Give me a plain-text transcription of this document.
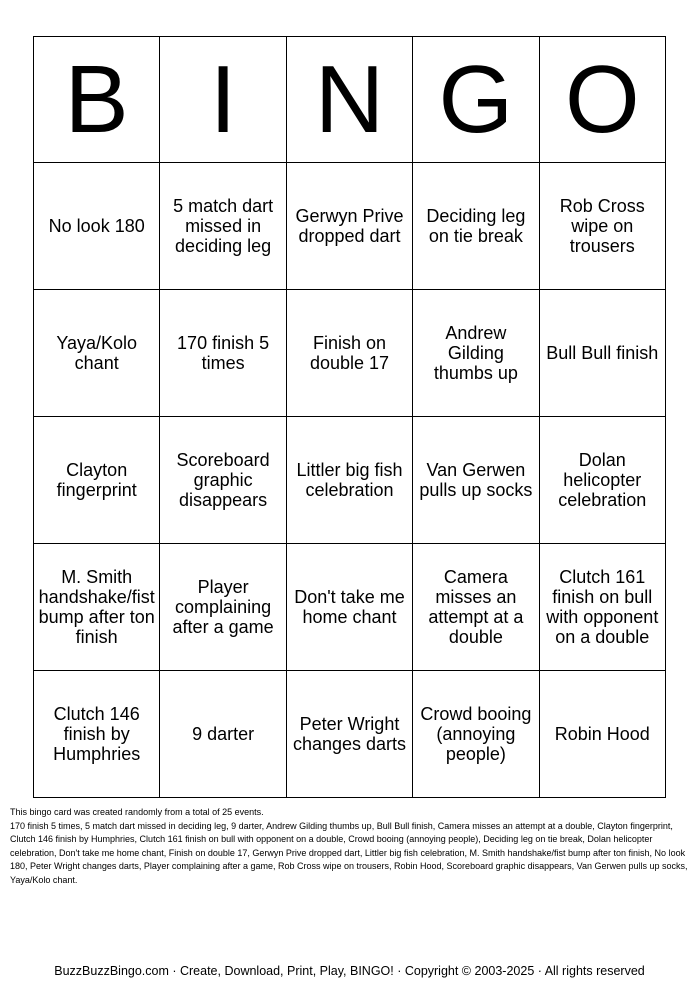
B	I	N	G	O
No look 180	5 match dart missed in deciding leg	Gerwyn Prive dropped dart	Deciding leg on tie break	Rob Cross wipe on trousers
Yaya/Kolo chant	170 finish 5 times	Finish on double 17	Andrew Gilding thumbs up	Bull Bull finish
Clayton fingerprint	Scoreboard graphic disappears	Littler big fish celebration	Van Gerwen pulls up socks	Dolan helicopter celebration
M. Smith handshake/fist bump after ton finish	Player complaining after a game	Don't take me home chant	Camera misses an attempt at a double	Clutch 161 finish on bull with opponent on a double
Clutch 146 finish by Humphries	9 darter	Peter Wright changes darts	Crowd booing (annoying people)	Robin Hood

This bingo card was created randomly from a total of 25 events.

170 finish 5 times, 5 match dart missed in deciding leg, 9 darter, Andrew Gilding thumbs up, Bull Bull finish, Camera misses an attempt at a double, Clayton fingerprint, Clutch 146 finish by Humphries, Clutch 161 finish on bull with opponent on a double, Crowd booing (annoying people), Deciding leg on tie break, Dolan helicopter celebration, Don't take me home chant, Finish on double 17, Gerwyn Prive dropped dart, Littler big fish celebration, M. Smith handshake/fist bump after ton finish, No look 180, Peter Wright changes darts, Player complaining after a game, Rob Cross wipe on trousers, Robin Hood, Scoreboard graphic disappears, Van Gerwen pulls up socks, Yaya/Kolo chant.

BuzzBuzzBingo.com · Create, Download, Print, Play, BINGO! · Copyright © 2003-2025 · All rights reserved
